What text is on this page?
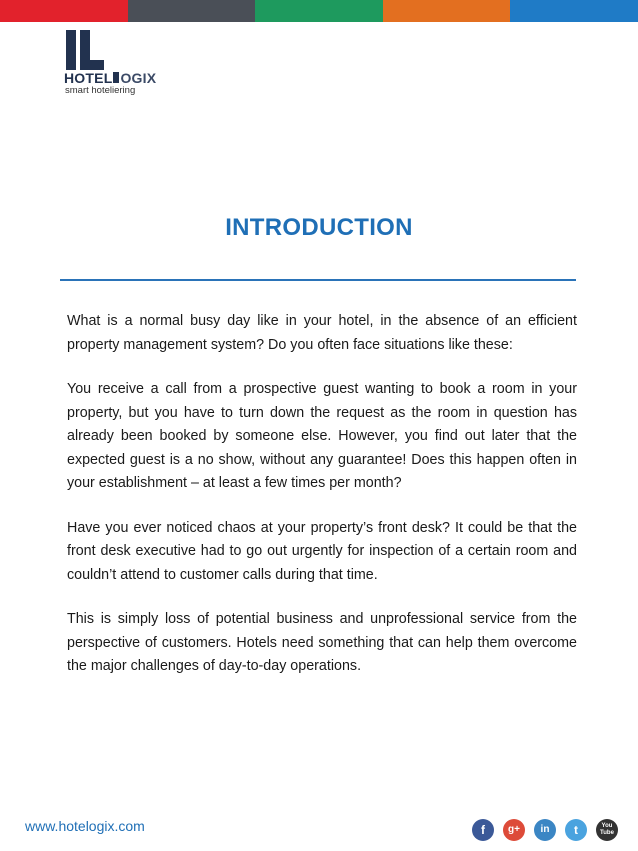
HOTEL OGIX
smart hoteliering
INTRODUCTION

What is a normal busy day like in your hotel, in the absence of an efficient property management system? Do you often face situations like these:

You receive a call from a prospective guest wanting to book a room in your property, but you have to turn down the request as the room in question has already been booked by someone else. However, you find out later that the expected guest is a no show, without any guarantee! Does this happen often in your establishment – at least a few times per month?

Have you ever noticed chaos at your property’s front desk? It could be that the front desk executive had to go out urgently for inspection of a certain room and couldn’t attend to customer calls during that time.

This is simply loss of potential business and unprofessional service from the perspective of customers. Hotels need something that can help them overcome the major challenges of day-to-day operations.

www.hotelogix.com	f g+ in t	You Tube
